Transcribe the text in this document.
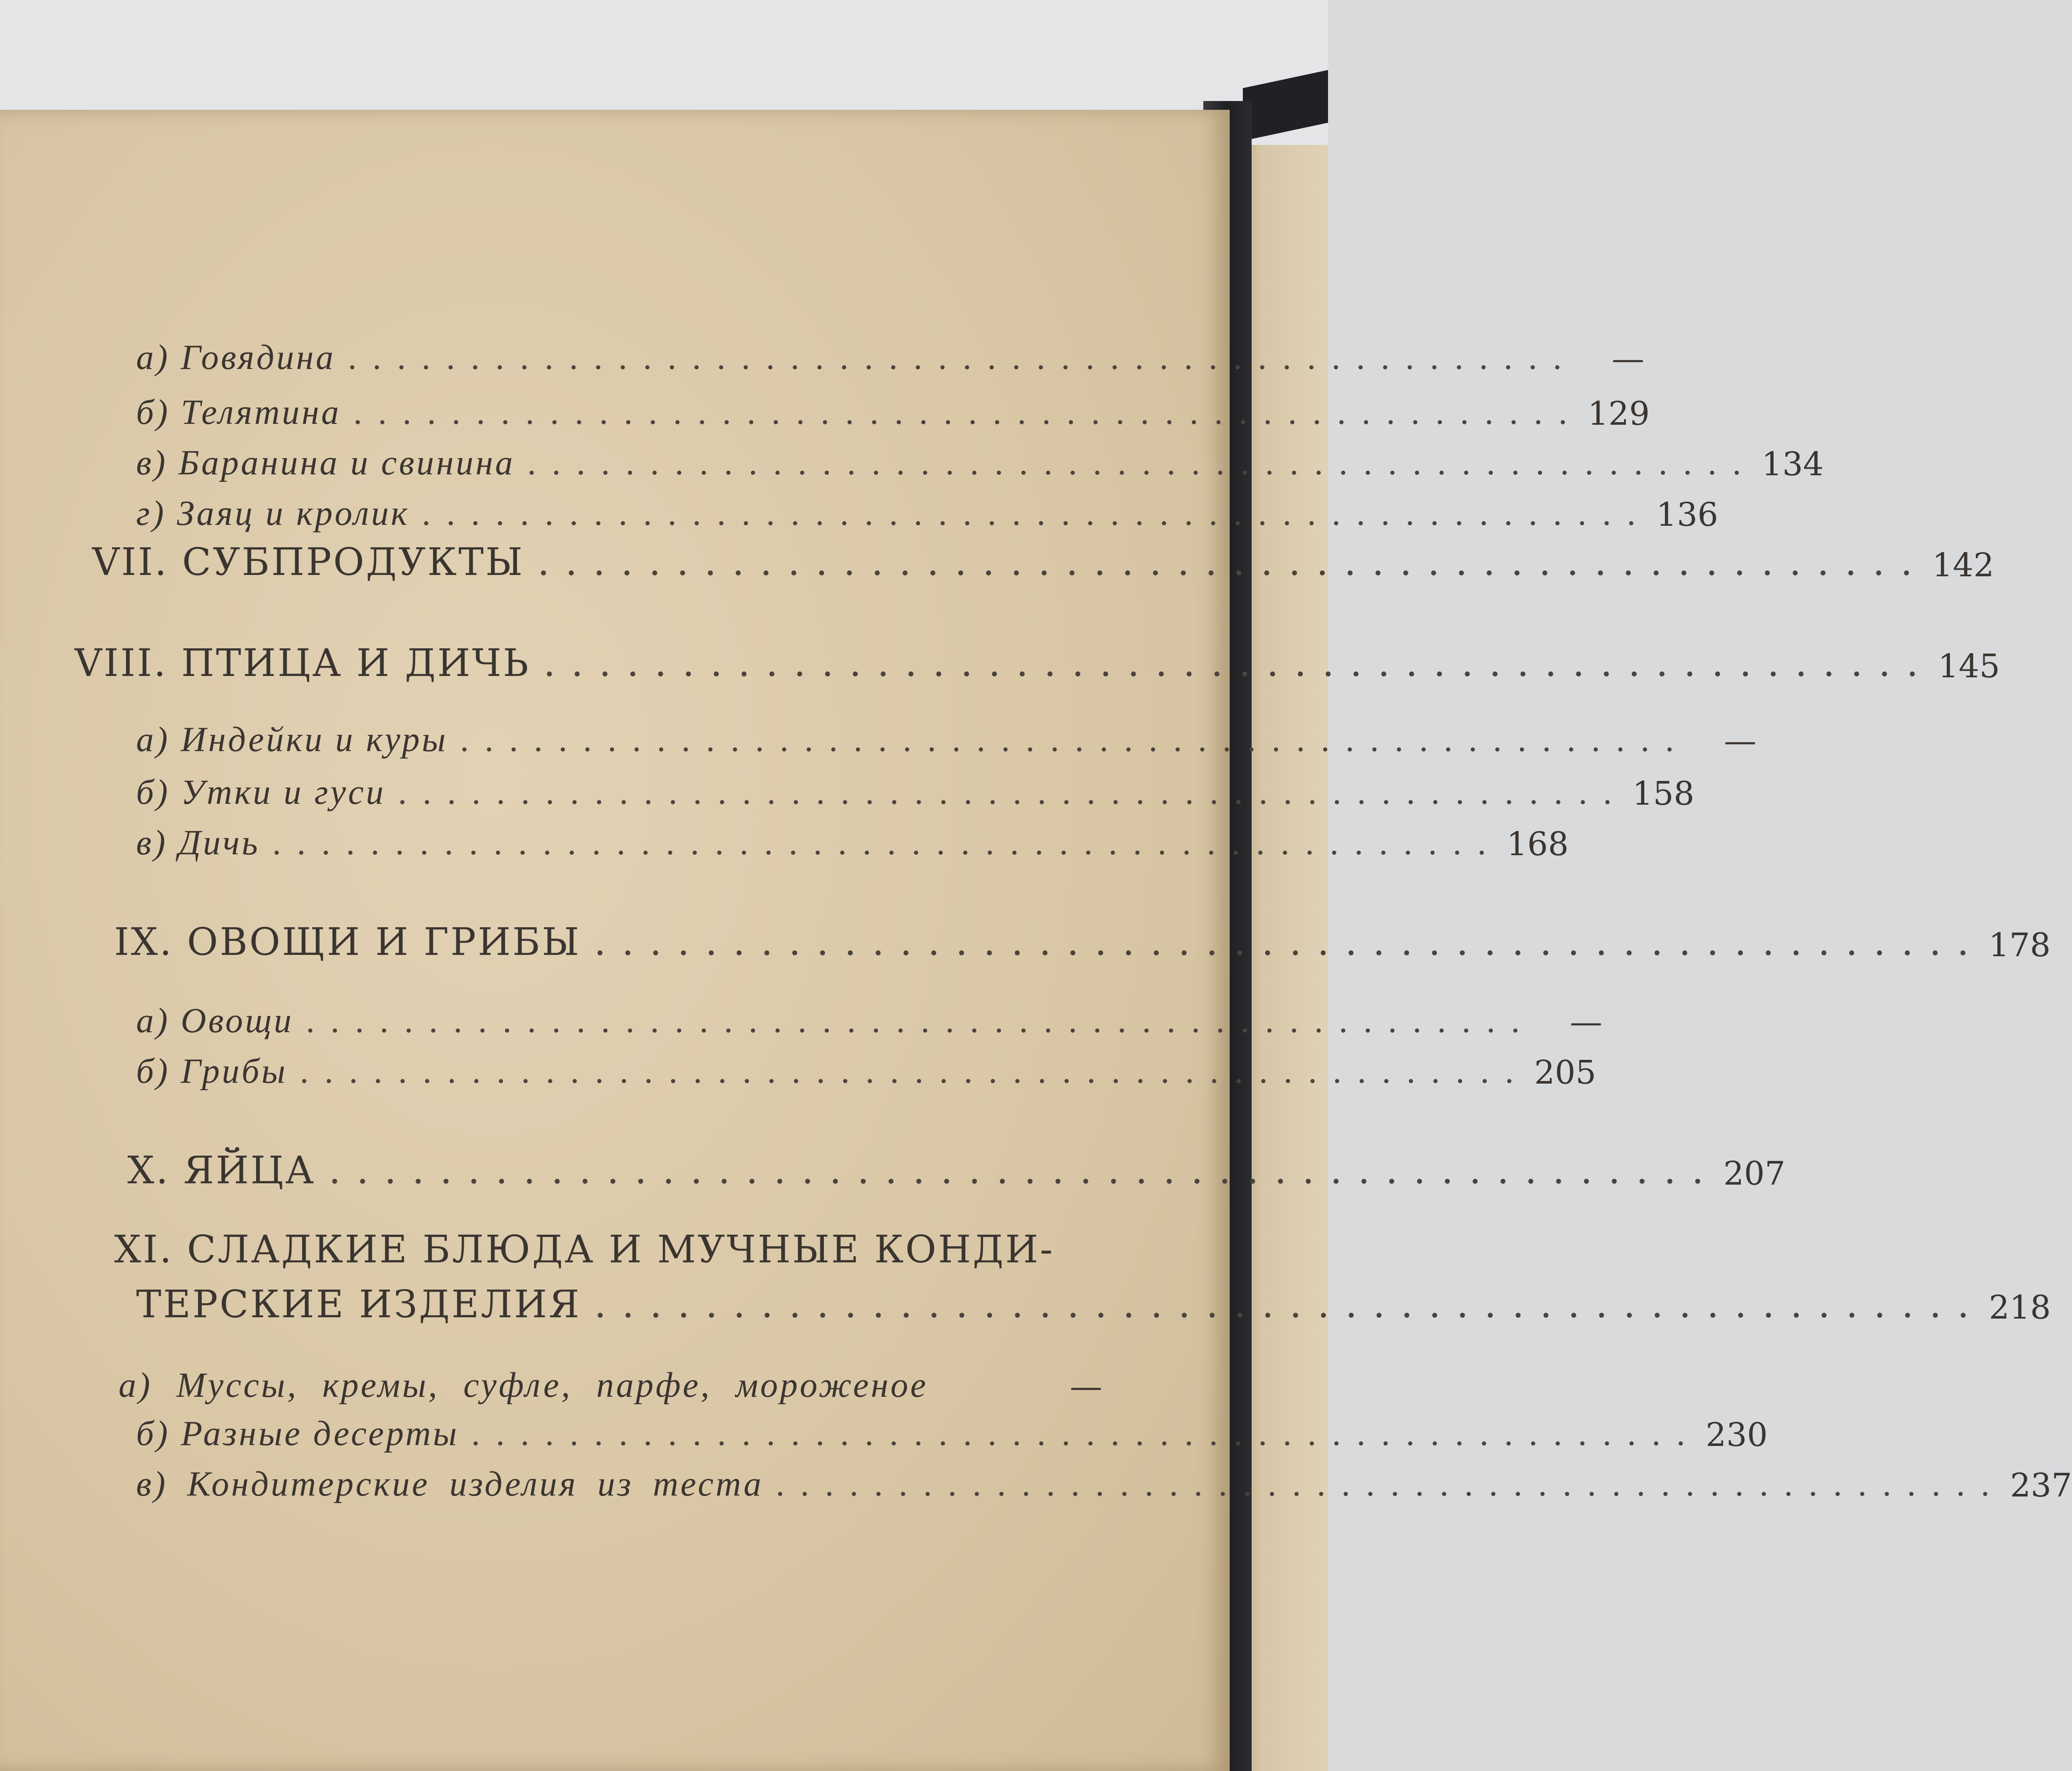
а) Говядина ..................................................	—
б) Телятина .................................................. 129
в) Баранина и свинина .................................................. 134
г) Заяц и кролик .................................................. 136
VII. СУБПРОДУКТЫ .................................................. 142
VIII. ПТИЦА И ДИЧЬ .................................................. 145
а) Индейки и куры ..................................................	—
б) Утки и гуси .................................................. 158
в) Дичь .................................................. 168
IX. ОВОЩИ И ГРИБЫ .................................................. 178
а) Овощи ..................................................	—
б) Грибы .................................................. 205
X. ЯЙЦА .................................................. 207
XI. СЛАДКИЕ БЛЮДА И МУЧНЫЕ КОНДИ-
ТЕРСКИЕ ИЗДЕЛИЯ .................................................. 218
а) Муссы, кремы, суфле, парфе, мороженое	—
б) Разные десерты .................................................. 230
в) Кондитерские изделия из теста .................................................. 237
